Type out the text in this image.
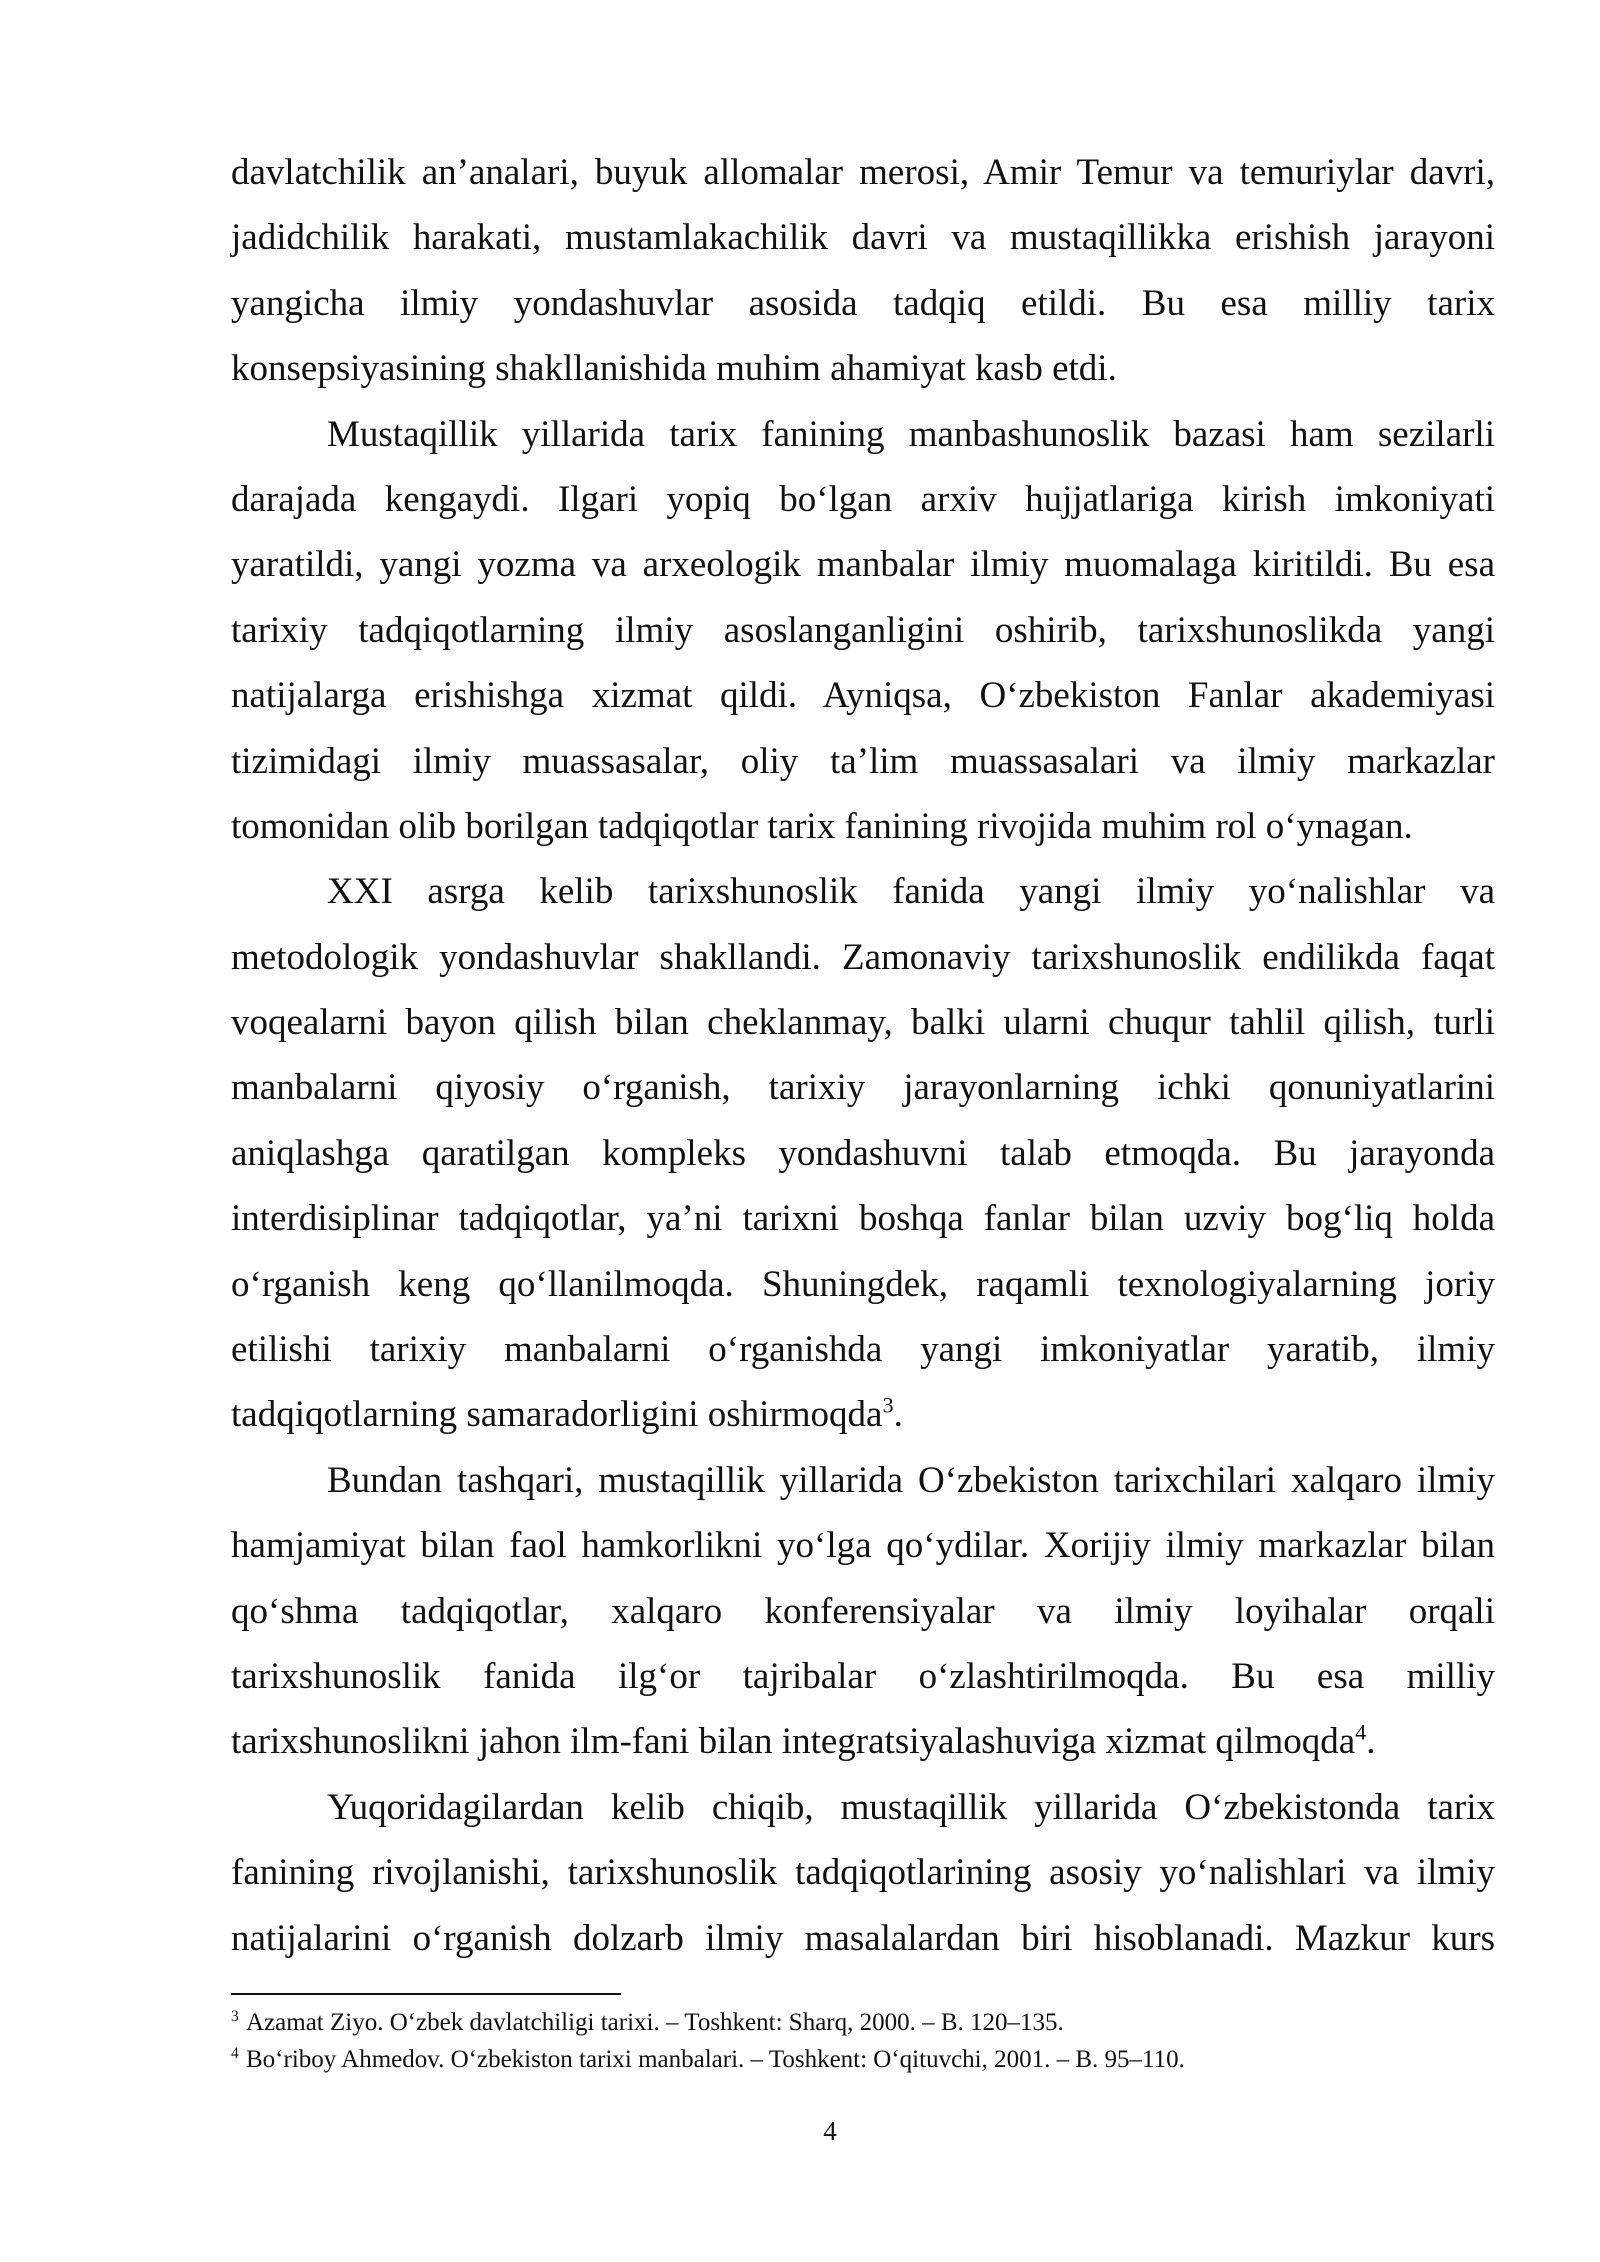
davlatchilik an’analari, buyuk allomalar merosi, Amir Temur va temuriylar davri,
jadidchilik harakati, mustamlakachilik davri va mustaqillikka erishish jarayoni
yangicha ilmiy yondashuvlar asosida tadqiq etildi. Bu esa milliy tarix
konsepsiyasining shakllanishida muhim ahamiyat kasb etdi.
Mustaqillik yillarida tarix fanining manbashunoslik bazasi ham sezilarli
darajada kengaydi. Ilgari yopiq bo‘lgan arxiv hujjatlariga kirish imkoniyati
yaratildi, yangi yozma va arxeologik manbalar ilmiy muomalaga kiritildi. Bu esa
tarixiy tadqiqotlarning ilmiy asoslanganligini oshirib, tarixshunoslikda yangi
natijalarga erishishga xizmat qildi. Ayniqsa, O‘zbekiston Fanlar akademiyasi
tizimidagi ilmiy muassasalar, oliy ta’lim muassasalari va ilmiy markazlar
tomonidan olib borilgan tadqiqotlar tarix fanining rivojida muhim rol o‘ynagan.
XXI asrga kelib tarixshunoslik fanida yangi ilmiy yo‘nalishlar va
metodologik yondashuvlar shakllandi. Zamonaviy tarixshunoslik endilikda faqat
voqealarni bayon qilish bilan cheklanmay, balki ularni chuqur tahlil qilish, turli
manbalarni qiyosiy o‘rganish, tarixiy jarayonlarning ichki qonuniyatlarini
aniqlashga qaratilgan kompleks yondashuvni talab etmoqda. Bu jarayonda
interdisiplinar tadqiqotlar, ya’ni tarixni boshqa fanlar bilan uzviy bog‘liq holda
o‘rganish keng qo‘llanilmoqda. Shuningdek, raqamli texnologiyalarning joriy
etilishi tarixiy manbalarni o‘rganishda yangi imkoniyatlar yaratib, ilmiy
tadqiqotlarning samaradorligini oshirmoqda$^3$.
Bundan tashqari, mustaqillik yillarida O‘zbekiston tarixchilari xalqaro ilmiy
hamjamiyat bilan faol hamkorlikni yo‘lga qo‘ydilar. Xorijiy ilmiy markazlar bilan
qo‘shma tadqiqotlar, xalqaro konferensiyalar va ilmiy loyihalar orqali
tarixshunoslik fanida ilg‘or tajribalar o‘zlashtirilmoqda. Bu esa milliy
tarixshunoslikni jahon ilm-fani bilan integratsiyalashuviga xizmat qilmoqda$^4$.
Yuqoridagilardan kelib chiqib, mustaqillik yillarida O‘zbekistonda tarix
fanining rivojlanishi, tarixshunoslik tadqiqotlarining asosiy yo‘nalishlari va ilmiy
natijalarini o‘rganish dolzarb ilmiy masalalardan biri hisoblanadi. Mazkur kurs
3 Azamat Ziyo. O‘zbek davlatchiligi tarixi. – Toshkent: Sharq, 2000. – B. 120–135.
4 Bo‘riboy Ahmedov. O‘zbekiston tarixi manbalari. – Toshkent: O‘qituvchi, 2001. – B. 95–110.
4
